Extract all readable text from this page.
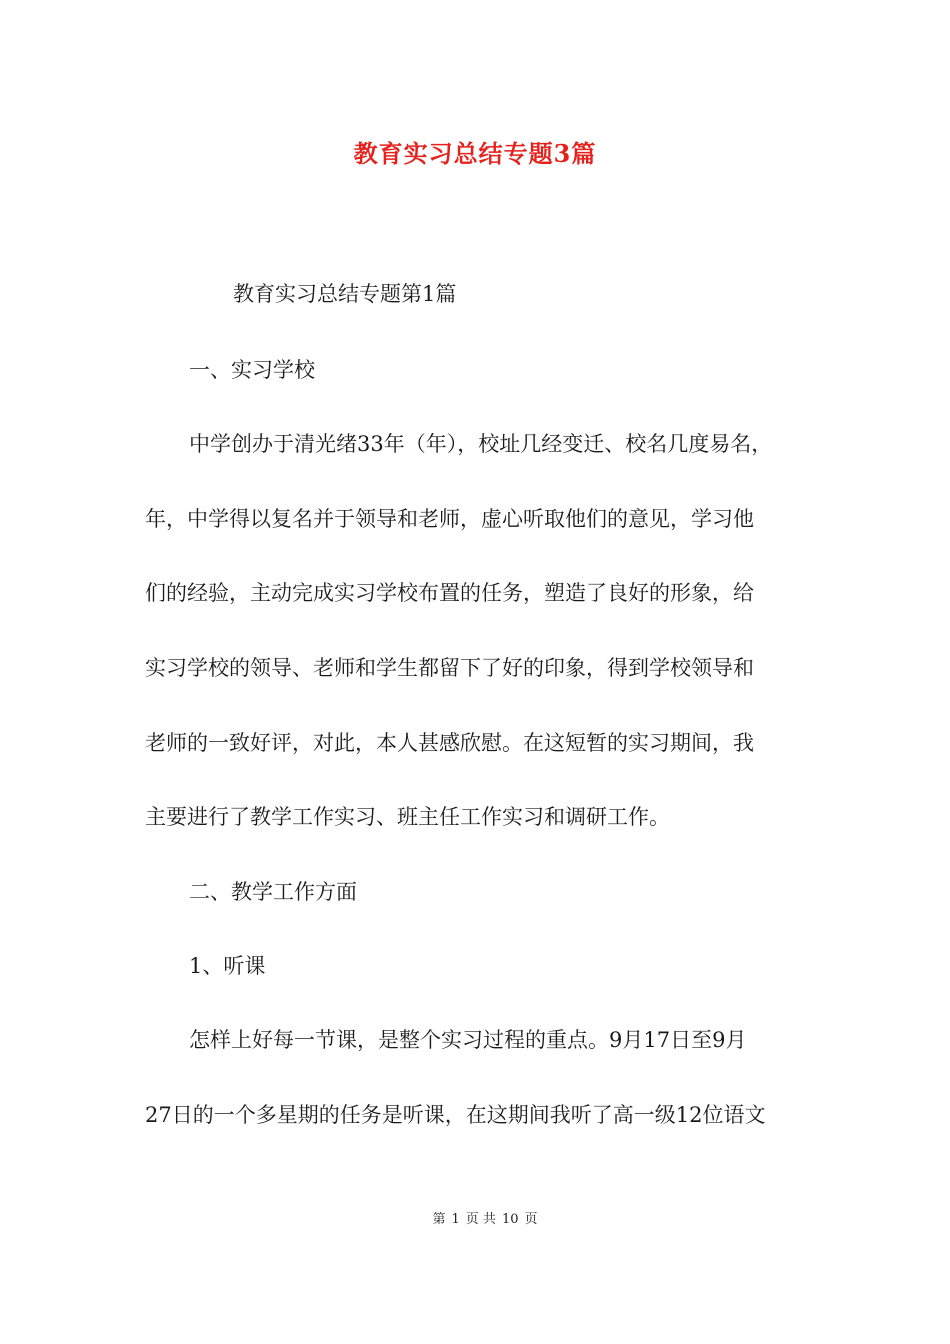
教育实习总结专题3篇

教育实习总结专题第1篇

一、实习学校

中学创办于清光绪33年（年），校址几经变迁、校名几度易名，

年，中学得以复名并于领导和老师，虚心听取他们的意见，学习他

们的经验，主动完成实习学校布置的任务，塑造了良好的形象，给

实习学校的领导、老师和学生都留下了好的印象，得到学校领导和

老师的一致好评，对此，本人甚感欣慰。在这短暂的实习期间，我

主要进行了教学工作实习、班主任工作实习和调研工作。

二、教学工作方面

1、听课

怎样上好每一节课，是整个实习过程的重点。9月17日至9月

27日的一个多星期的任务是听课，在这期间我听了高一级12位语文

第 1 页 共 10 页
